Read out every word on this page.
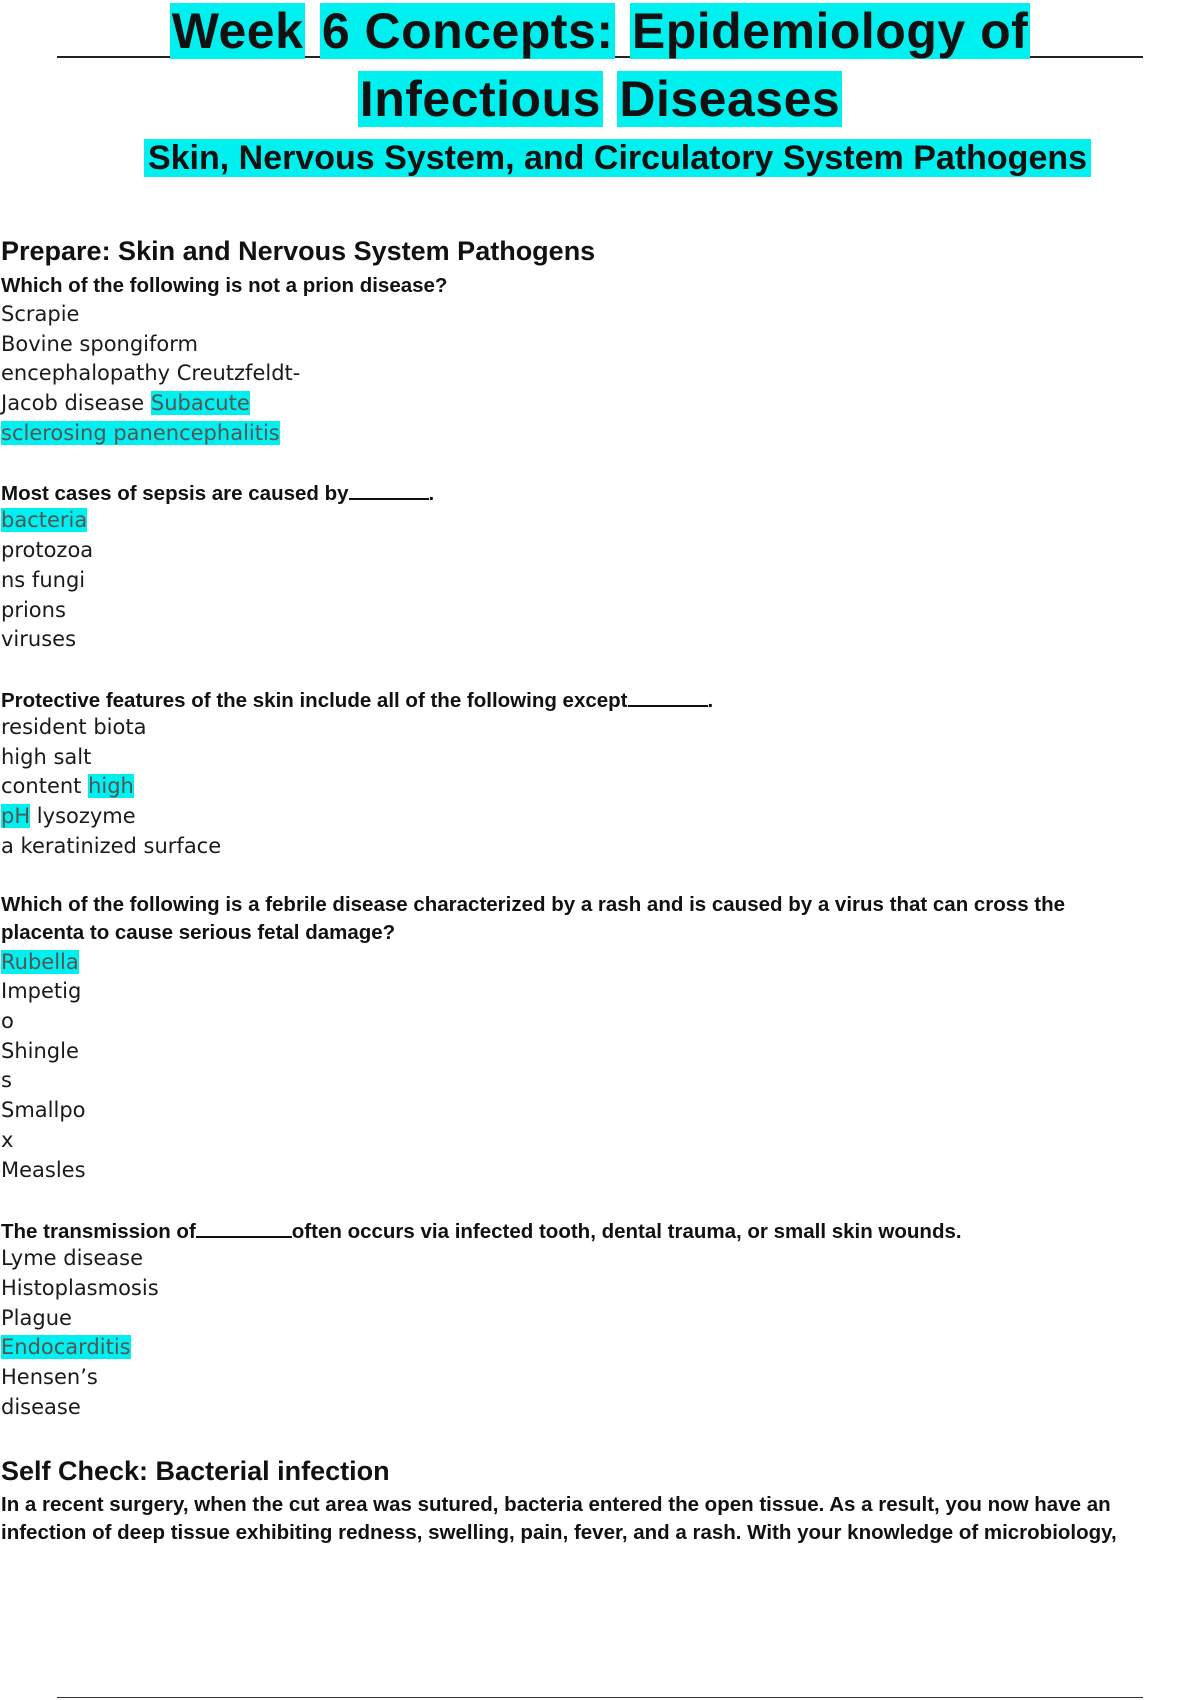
Week 6 Concepts: Epidemiology of
Infectious Diseases
Skin, Nervous System, and Circulatory System Pathogens
Prepare: Skin and Nervous System Pathogens
Which of the following is not a prion disease?
Scrapie
Bovine spongiform
encephalopathy Creutzfeldt-
Jacob disease Subacute
sclerosing panencephalitis
Most cases of sepsis are caused by	.
bacteria
protozoa
ns fungi
prions
viruses
Protective features of the skin include all of the following except	.
resident biota
high salt
content high
pH lysozyme
a keratinized surface
Which of the following is a febrile disease characterized by a rash and is caused by a virus that can cross the
placenta to cause serious fetal damage?
Rubella
Impetig
o
Shingle
s
Smallpo
x
Measles
The transmission of	often occurs via infected tooth, dental trauma, or small skin wounds.
Lyme disease
Histoplasmosis
Plague
Endocarditis
Hensen’s
disease
Self Check: Bacterial infection
In a recent surgery, when the cut area was sutured, bacteria entered the open tissue. As a result, you now have an
infection of deep tissue exhibiting redness, swelling, pain, fever, and a rash. With your knowledge of microbiology,
